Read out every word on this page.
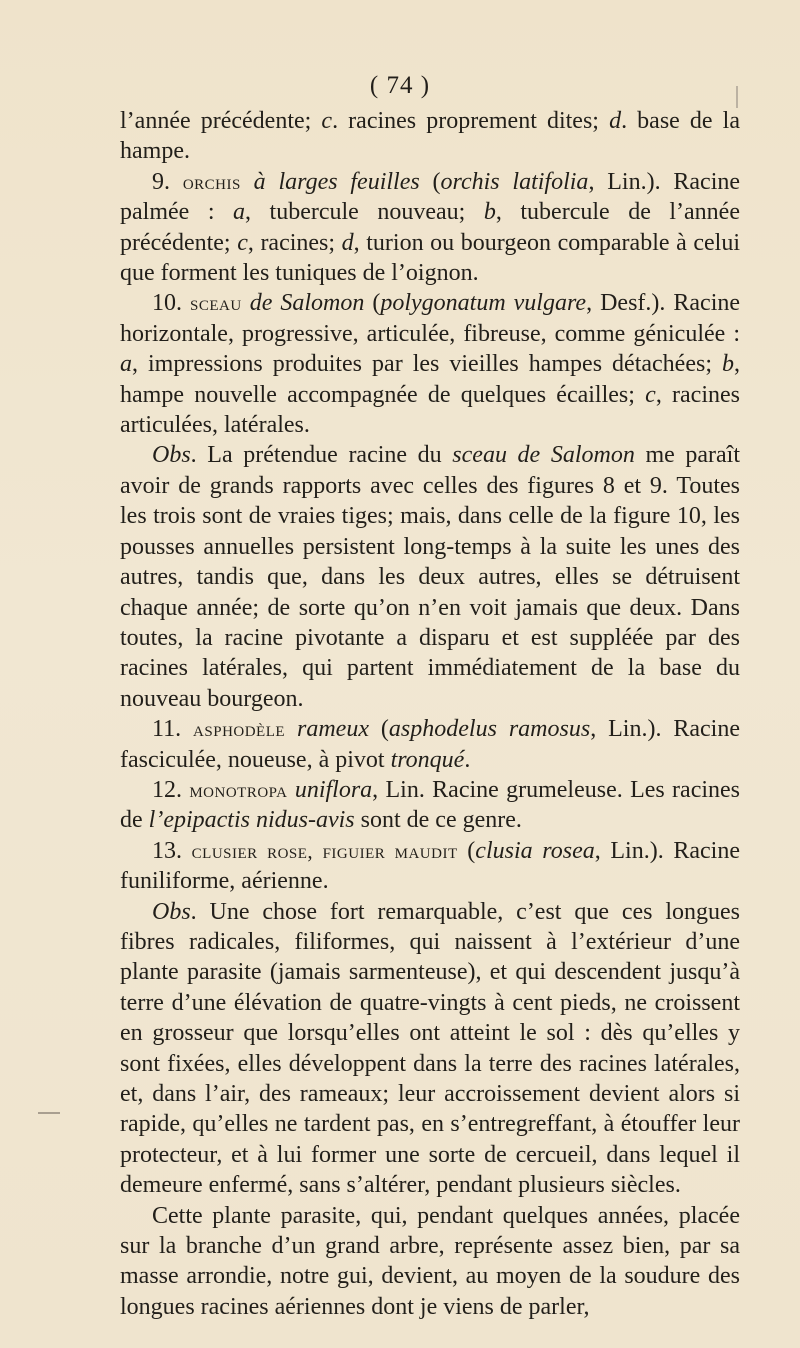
( 74 )

l’année précédente; c. racines proprement dites; d. base de la hampe.

9. orchis à larges feuilles (orchis latifolia, Lin.). Racine palmée : a, tubercule nouveau; b, tubercule de l’année précédente; c, racines; d, turion ou bourgeon comparable à celui que forment les tuniques de l’oignon.

10. sceau de Salomon (polygonatum vulgare, Desf.). Racine horizontale, progressive, articulée, fibreuse, comme géniculée : a, impressions produites par les vieilles hampes détachées; b, hampe nouvelle accompagnée de quelques écailles; c, racines articulées, latérales.

Obs. La prétendue racine du sceau de Salomon me paraît avoir de grands rapports avec celles des figures 8 et 9. Toutes les trois sont de vraies tiges; mais, dans celle de la figure 10, les pousses annuelles persistent long-temps à la suite les unes des autres, tandis que, dans les deux autres, elles se détruisent chaque année; de sorte qu’on n’en voit jamais que deux. Dans toutes, la racine pivotante a disparu et est suppléée par des racines latérales, qui partent immédiatement de la base du nouveau bourgeon.

11. asphodèle rameux (asphodelus ramosus, Lin.). Racine fasciculée, noueuse, à pivot tronqué.

12. monotropa uniflora, Lin. Racine grumeleuse. Les racines de l’epipactis nidus-avis sont de ce genre.

13. clusier rose, figuier maudit (clusia rosea, Lin.). Racine funiliforme, aérienne.

Obs. Une chose fort remarquable, c’est que ces longues fibres radicales, filiformes, qui naissent à l’extérieur d’une plante parasite (jamais sarmenteuse), et qui descendent jusqu’à terre d’une élévation de quatre-vingts à cent pieds, ne croissent en grosseur que lorsqu’elles ont atteint le sol : dès qu’elles y sont fixées, elles développent dans la terre des racines latérales, et, dans l’air, des rameaux; leur accroissement devient alors si rapide, qu’elles ne tardent pas, en s’entregreffant, à étouffer leur protecteur, et à lui former une sorte de cercueil, dans lequel il demeure enfermé, sans s’altérer, pendant plusieurs siècles.

Cette plante parasite, qui, pendant quelques années, placée sur la branche d’un grand arbre, représente assez bien, par sa masse arrondie, notre gui, devient, au moyen de la soudure des longues racines aériennes dont je viens de parler,
